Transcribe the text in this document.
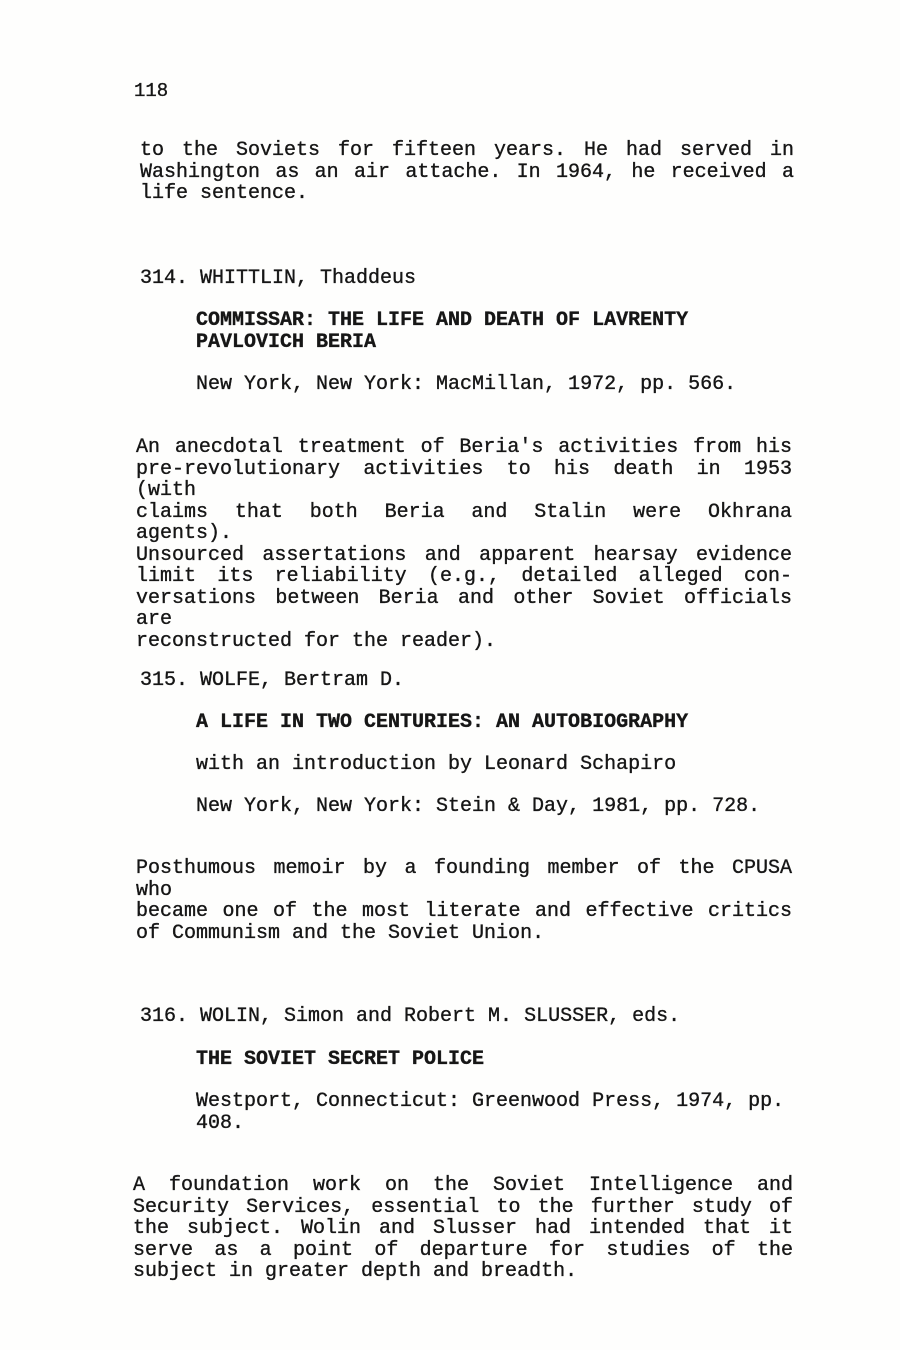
118
to the Soviets for fifteen years. He had served in
Washington as an air attache. In 1964, he received a
life sentence.
314. WHITTLIN, Thaddeus
COMMISSAR: THE LIFE AND DEATH OF LAVRENTY
PAVLOVICH BERIA
New York, New York: MacMillan, 1972, pp. 566.
An anecdotal treatment of Beria's activities from his
pre-revolutionary activities to his death in 1953 (with
claims that both Beria and Stalin were Okhrana agents).
Unsourced assertations and apparent hearsay evidence
limit its reliability (e.g., detailed alleged con-
versations between Beria and other Soviet officials are
reconstructed for the reader).
315. WOLFE, Bertram D.
A LIFE IN TWO CENTURIES: AN AUTOBIOGRAPHY
with an introduction by Leonard Schapiro
New York, New York: Stein & Day, 1981, pp. 728.
Posthumous memoir by a founding member of the CPUSA who
became one of the most literate and effective critics
of Communism and the Soviet Union.
316. WOLIN, Simon and Robert M. SLUSSER, eds.
THE SOVIET SECRET POLICE
Westport, Connecticut: Greenwood Press, 1974, pp.
408.
A foundation work on the Soviet Intelligence and
Security Services, essential to the further study of
the subject. Wolin and Slusser had intended that it
serve as a point of departure for studies of the
subject in greater depth and breadth.
